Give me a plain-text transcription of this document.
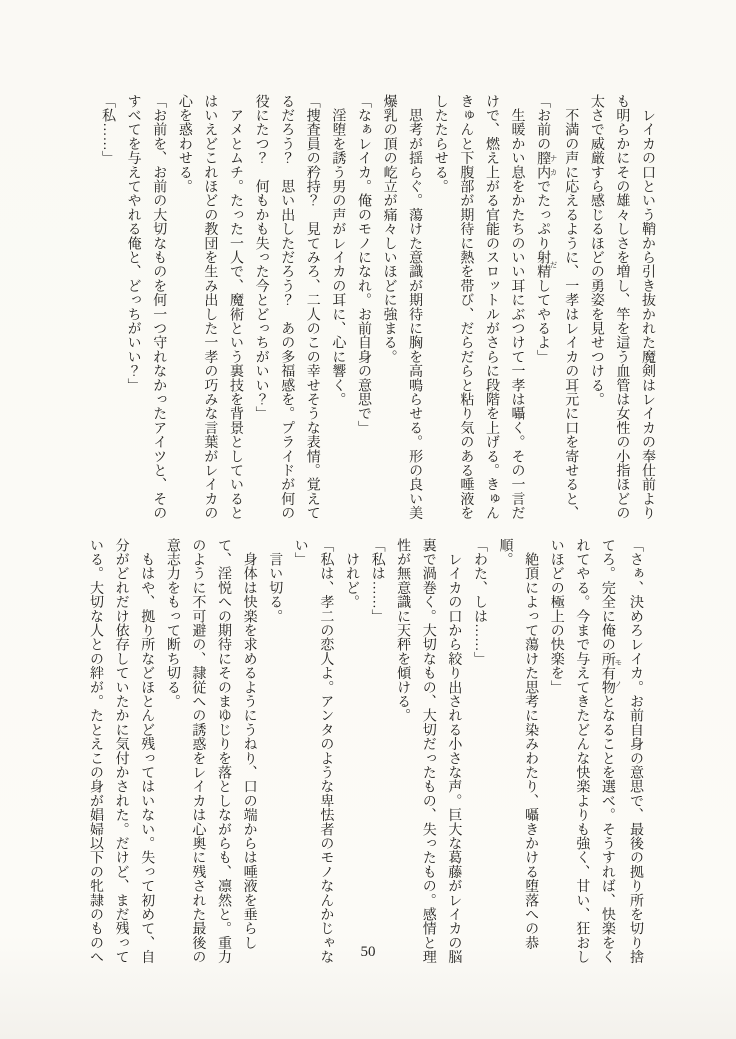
　レイカの口という鞘から引き抜かれた魔剣はレイカの奉仕前より

も明らかにその雄々しさを増し、竿を這う血管は女性の小指ほどの

太さで威厳すら感じるほどの勇姿を見せつける。

　不満の声に応えるように、一孝はレイカの耳元に口を寄せると、

「お前の膣内 ナカでたっぷり射精 だしてやるよ」

　生暖かい息をかたちのいい耳にぶつけて一孝は囁く。その一言だ

けで、燃え上がる官能のスロットルがさらに段階を上げる。きゅん

きゅんと下腹部が期待に熱を帯び、だらだらと粘り気のある唾液を

したたらせる。

　思考が揺らぐ。蕩けた意識が期待に胸を高鳴らせる。形の良い美

爆乳の頂の屹立が痛々しいほどに強まる。

「なぁレイカ。俺のモノになれ。お前自身の意思で」

　淫堕を誘う男の声がレイカの耳に、心に響く。

「捜査員の矜持？　見てみろ、二人のこの幸せそうな表情。覚えて

るだろう？　思い出しただろう？　あの多福感を。プライドが何の

役にたつ？　何もかも失った今とどっちがいい？」

　アメとムチ。たった一人で、魔術という裏技を背景としていると

はいえどこれほどの教団を生み出した一孝の巧みな言葉がレイカの

心を惑わせる。

「お前を、お前の大切なものを何一つ守れなかったアイツと、その

すべてを与えてやれる俺と、どっちがいい？」

「私……」

「さぁ、決めろレイカ。お前自身の意思で、最後の拠り所を切り捨

てろ。完全に俺の所有物 モノとなることを選べ。そうすれば、快楽をく

れてやる。今まで与えてきたどんな快楽よりも強く、甘い、狂おし

いほどの極上の快楽を」

　絶頂によって蕩けた思考に染みわたり、囁きかける堕落への恭

順。

「わた、しは……」

　レイカの口から絞り出される小さな声。巨大な葛藤がレイカの脳

裏で渦巻く。大切なもの、大切だったもの、失ったもの。感情と理

性が無意識に天秤を傾ける。

「私は……」

　けれど。

「私は、孝二の恋人よ。アンタのような卑怯者のモノなんかじゃな

い」

　言い切る。

　身体は快楽を求めるようにうねり、口の端からは唾液を垂らし

て、淫悦への期待にそのまゆじりを落としながらも、凛然と。重力

のように不可避の、隷従への誘惑をレイカは心奥に残された最後の

意志力をもって断ち切る。

　もはや、拠り所などほとんど残ってはいない。失って初めて、自

分がどれだけ依存していたかに気付かされた。だけど、まだ残って

いる。大切な人との絆が。たとえこの身が娼婦以下の牝隷のものへ	50
